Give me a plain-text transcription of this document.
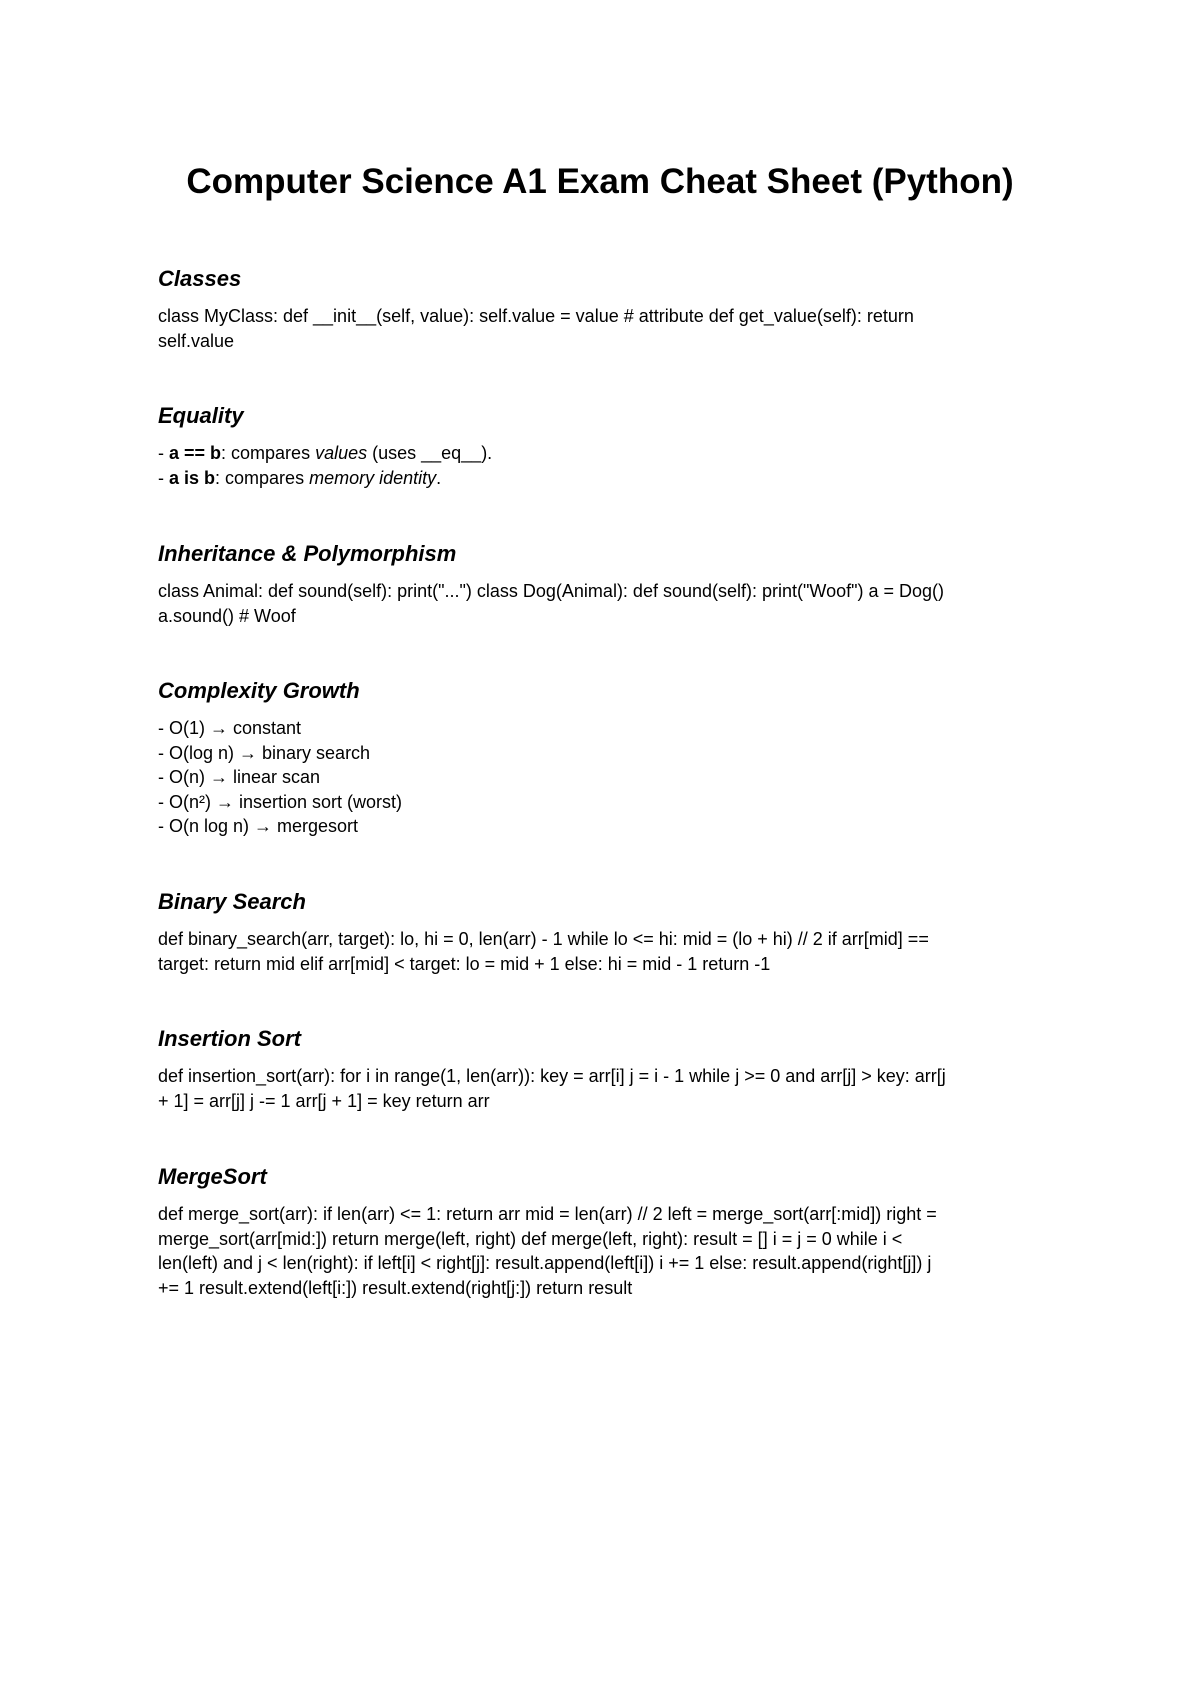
Computer Science A1 Exam Cheat Sheet (Python)
Classes
class MyClass: def __init__(self, value): self.value = value # attribute def get_value(self): return
self.value
Equality
- a == b: compares values (uses __eq__).
- a is b: compares memory identity.
Inheritance & Polymorphism
class Animal: def sound(self): print("...") class Dog(Animal): def sound(self): print("Woof") a = Dog()
a.sound() # Woof
Complexity Growth
- O(1) → constant
- O(log n) → binary search
- O(n) → linear scan
- O(n²) → insertion sort (worst)
- O(n log n) → mergesort
Binary Search
def binary_search(arr, target): lo, hi = 0, len(arr) - 1 while lo <= hi: mid = (lo + hi) // 2 if arr[mid] ==
target: return mid elif arr[mid] < target: lo = mid + 1 else: hi = mid - 1 return -1
Insertion Sort
def insertion_sort(arr): for i in range(1, len(arr)): key = arr[i] j = i - 1 while j >= 0 and arr[j] > key: arr[j
+ 1] = arr[j] j -= 1 arr[j + 1] = key return arr
MergeSort
def merge_sort(arr): if len(arr) <= 1: return arr mid = len(arr) // 2 left = merge_sort(arr[:mid]) right =
merge_sort(arr[mid:]) return merge(left, right) def merge(left, right): result = [] i = j = 0 while i <
len(left) and j < len(right): if left[i] < right[j]: result.append(left[i]) i += 1 else: result.append(right[j]) j
+= 1 result.extend(left[i:]) result.extend(right[j:]) return result
